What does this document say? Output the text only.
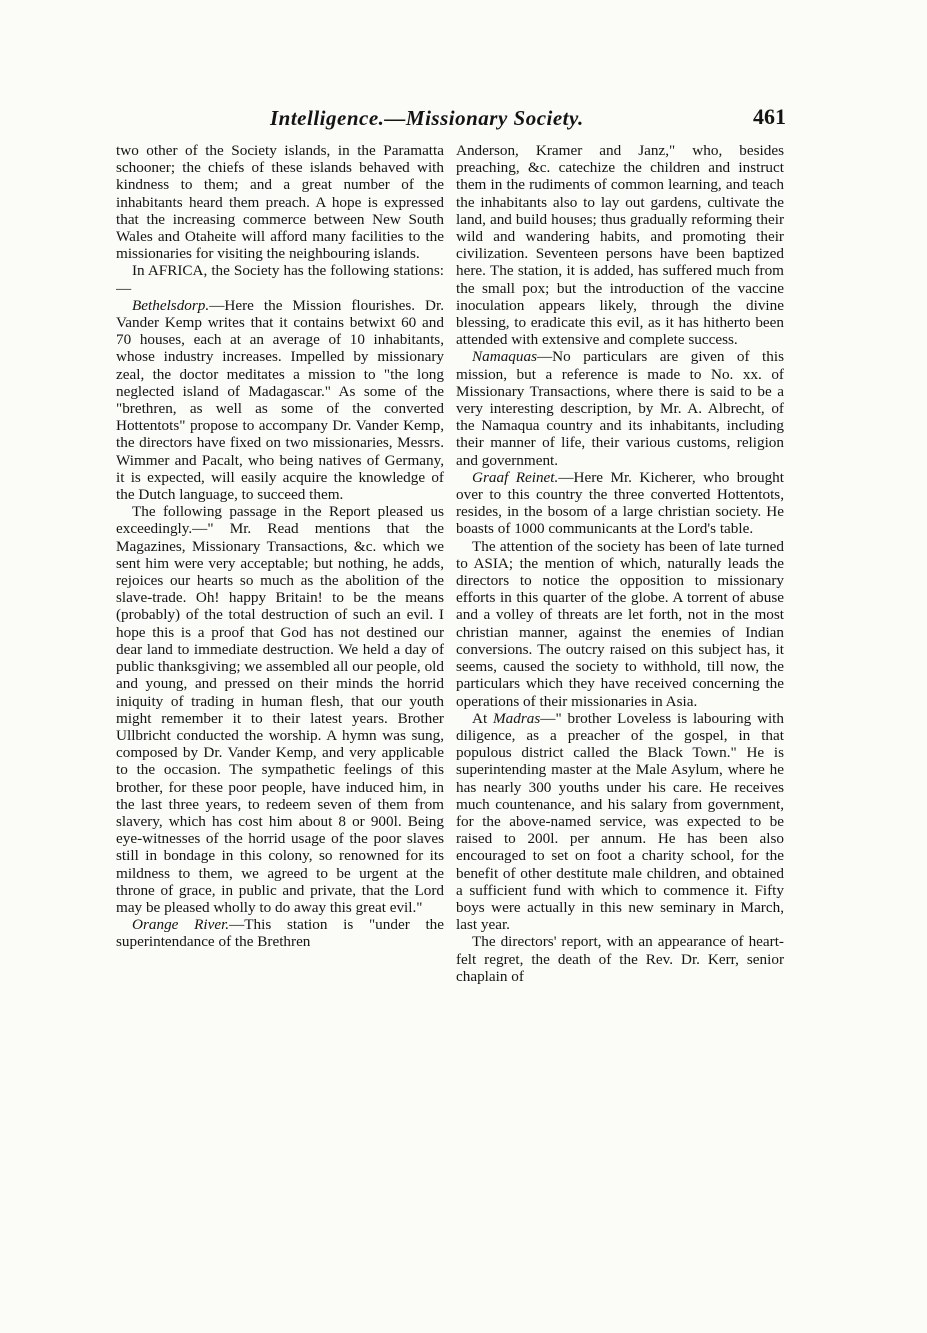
Intelligence.—Missionary Society.	461

two other of the Society islands, in the Paramatta schooner; the chiefs of these islands behaved with kindness to them; and a great number of the inhabitants heard them preach. A hope is expressed that the increasing commerce between New South Wales and Otaheite will afford many facilities to the missionaries for visiting the neighbouring islands.

In AFRICA, the Society has the following stations:—

Bethelsdorp.—Here the Mission flourishes. Dr. Vander Kemp writes that it contains betwixt 60 and 70 houses, each at an average of 10 inhabitants, whose industry increases. Impelled by missionary zeal, the doctor meditates a mission to "the long neglected island of Madagascar." As some of the "brethren, as well as some of the converted Hottentots" propose to accompany Dr. Vander Kemp, the directors have fixed on two missionaries, Messrs. Wimmer and Pacalt, who being natives of Germany, it is expected, will easily acquire the knowledge of the Dutch language, to succeed them.

The following passage in the Report pleased us exceedingly.—" Mr. Read mentions that the Magazines, Missionary Transactions, &c. which we sent him were very acceptable; but nothing, he adds, rejoices our hearts so much as the abolition of the slave-trade. Oh! happy Britain! to be the means (probably) of the total destruction of such an evil. I hope this is a proof that God has not destined our dear land to immediate destruction. We held a day of public thanksgiving; we assembled all our people, old and young, and pressed on their minds the horrid iniquity of trading in human flesh, that our youth might remember it to their latest years. Brother Ullbricht conducted the worship. A hymn was sung, composed by Dr. Vander Kemp, and very applicable to the occasion. The sympathetic feelings of this brother, for these poor people, have induced him, in the last three years, to redeem seven of them from slavery, which has cost him about 8 or 900l. Being eye-witnesses of the horrid usage of the poor slaves still in bondage in this colony, so renowned for its mildness to them, we agreed to be urgent at the throne of grace, in public and private, that the Lord may be pleased wholly to do away this great evil."

Orange River.—This station is "under the superintendance of the Brethren

Anderson, Kramer and Janz," who, besides preaching, &c. catechize the children and instruct them in the rudiments of common learning, and teach the inhabitants also to lay out gardens, cultivate the land, and build houses; thus gradually reforming their wild and wandering habits, and promoting their civilization. Seventeen persons have been baptized here. The station, it is added, has suffered much from the small pox; but the introduction of the vaccine inoculation appears likely, through the divine blessing, to eradicate this evil, as it has hitherto been attended with extensive and complete success.

Namaquas—No particulars are given of this mission, but a reference is made to No. xx. of Missionary Transactions, where there is said to be a very interesting description, by Mr. A. Albrecht, of the Namaqua country and its inhabitants, including their manner of life, their various customs, religion and government.

Graaf Reinet.—Here Mr. Kicherer, who brought over to this country the three converted Hottentots, resides, in the bosom of a large christian society. He boasts of 1000 communicants at the Lord's table.

The attention of the society has been of late turned to ASIA; the mention of which, naturally leads the directors to notice the opposition to missionary efforts in this quarter of the globe. A torrent of abuse and a volley of threats are let forth, not in the most christian manner, against the enemies of Indian conversions. The outcry raised on this subject has, it seems, caused the society to withhold, till now, the particulars which they have received concerning the operations of their missionaries in Asia.

At Madras—" brother Loveless is labouring with diligence, as a preacher of the gospel, in that populous district called the Black Town." He is superintending master at the Male Asylum, where he has nearly 300 youths under his care. He receives much countenance, and his salary from government, for the above-named service, was expected to be raised to 200l. per annum. He has been also encouraged to set on foot a charity school, for the benefit of other destitute male children, and obtained a sufficient fund with which to commence it. Fifty boys were actually in this new seminary in March, last year.

The directors' report, with an appearance of heart-felt regret, the death of the Rev. Dr. Kerr, senior chaplain of
